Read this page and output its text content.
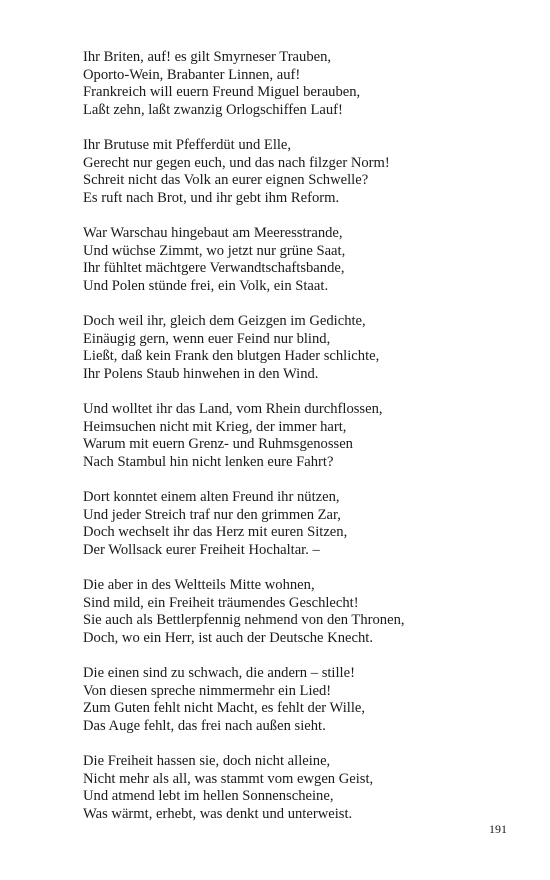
Ihr Briten, auf! es gilt Smyrneser Trauben,
Oporto-Wein, Brabanter Linnen, auf!
Frankreich will euern Freund Miguel berauben,
Laßt zehn, laßt zwanzig Orlogschiffen Lauf!
Ihr Brutuse mit Pfefferdüt und Elle,
Gerecht nur gegen euch, und das nach filzger Norm!
Schreit nicht das Volk an eurer eignen Schwelle?
Es ruft nach Brot, und ihr gebt ihm Reform.
War Warschau hingebaut am Meeresstrande,
Und wüchse Zimmt, wo jetzt nur grüne Saat,
Ihr fühltet mächtgere Verwandtschaftsbande,
Und Polen stünde frei, ein Volk, ein Staat.
Doch weil ihr, gleich dem Geizgen im Gedichte,
Einäugig gern, wenn euer Feind nur blind,
Ließt, daß kein Frank den blutgen Hader schlichte,
Ihr Polens Staub hinwehen in den Wind.
Und wolltet ihr das Land, vom Rhein durchflossen,
Heimsuchen nicht mit Krieg, der immer hart,
Warum mit euern Grenz- und Ruhmsgenossen
Nach Stambul hin nicht lenken eure Fahrt?
Dort konntet einem alten Freund ihr nützen,
Und jeder Streich traf nur den grimmen Zar,
Doch wechselt ihr das Herz mit euren Sitzen,
Der Wollsack eurer Freiheit Hochaltar. –
Die aber in des Weltteils Mitte wohnen,
Sind mild, ein Freiheit träumendes Geschlecht!
Sie auch als Bettlerpfennig nehmend von den Thronen,
Doch, wo ein Herr, ist auch der Deutsche Knecht.
Die einen sind zu schwach, die andern – stille!
Von diesen spreche nimmermehr ein Lied!
Zum Guten fehlt nicht Macht, es fehlt der Wille,
Das Auge fehlt, das frei nach außen sieht.
Die Freiheit hassen sie, doch nicht alleine,
Nicht mehr als all, was stammt vom ewgen Geist,
Und atmend lebt im hellen Sonnenscheine,
Was wärmt, erhebt, was denkt und unterweist.
191
